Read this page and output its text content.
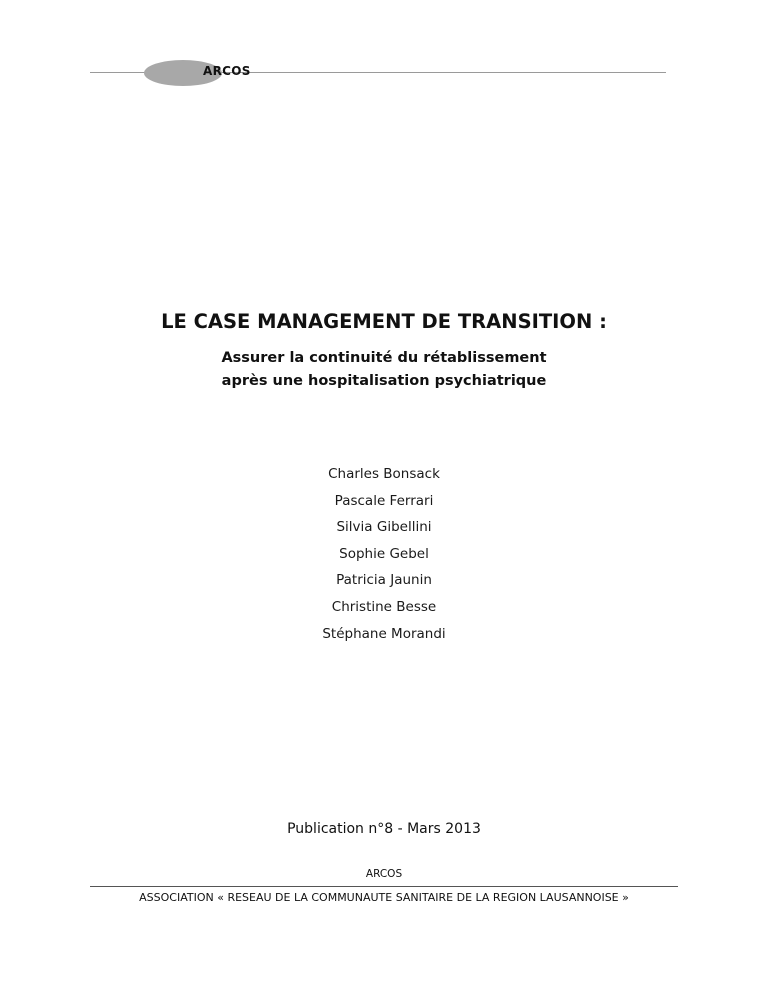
ARCOS
LE CASE MANAGEMENT DE TRANSITION :
Assurer la continuité du rétablissement
après une hospitalisation psychiatrique
Charles Bonsack
Pascale Ferrari
Silvia Gibellini
Sophie Gebel
Patricia Jaunin
Christine Besse
Stéphane Morandi
Publication n°8 - Mars 2013
ARCOS
ASSOCIATION « RESEAU DE LA COMMUNAUTE SANITAIRE DE LA REGION LAUSANNOISE »
